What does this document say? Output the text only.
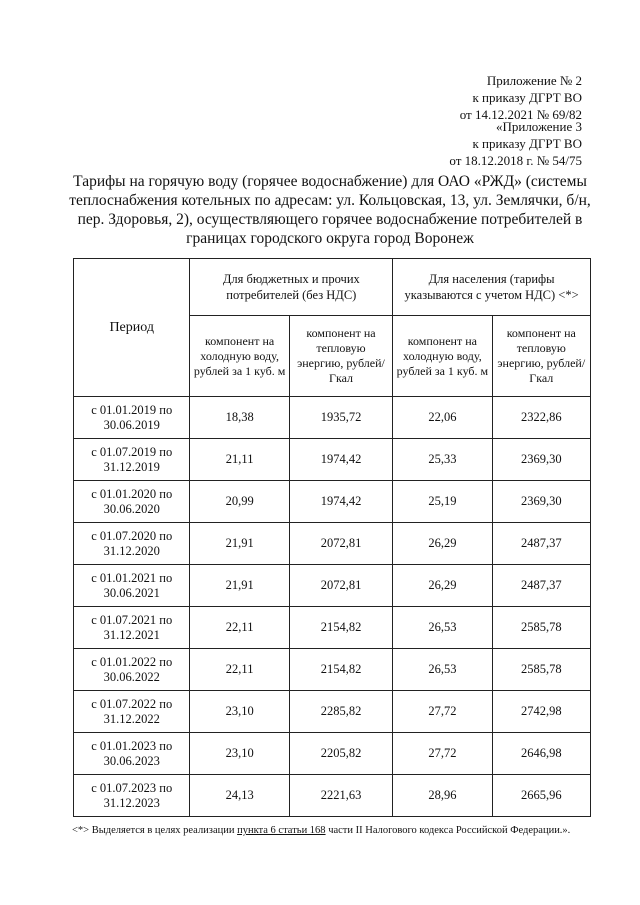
Приложение № 2
к приказу ДГРТ ВО
от 14.12.2021 № 69/82
«Приложение 3
к приказу ДГРТ ВО
от 18.12.2018 г. № 54/75
Тарифы на горячую воду (горячее водоснабжение) для ОАО «РЖД» (системы теплоснабжения котельных по адресам: ул. Кольцовская, 13, ул. Землячки, б/н, пер. Здоровья, 2), осуществляющего горячее водоснабжение потребителей в границах городского округа город Воронеж
Период	Для бюджетных и прочих потребителей (без НДС)		Для населения (тарифы указываются с учетом НДС) <*>	
	компонент на холодную воду, рублей за 1 куб. м	компонент на тепловую энергию, рублей/Гкал	компонент на холодную воду, рублей за 1 куб. м	компонент на тепловую энергию, рублей/Гкал
с 01.01.2019 по 30.06.2019	18,38	1935,72	22,06	2322,86
с 01.07.2019 по 31.12.2019	21,11	1974,42	25,33	2369,30
с 01.01.2020 по 30.06.2020	20,99	1974,42	25,19	2369,30
с 01.07.2020 по 31.12.2020	21,91	2072,81	26,29	2487,37
с 01.01.2021 по 30.06.2021	21,91	2072,81	26,29	2487,37
с 01.07.2021 по 31.12.2021	22,11	2154,82	26,53	2585,78
с 01.01.2022 по 30.06.2022	22,11	2154,82	26,53	2585,78
с 01.07.2022 по 31.12.2022	23,10	2285,82	27,72	2742,98
с 01.01.2023 по 30.06.2023	23,10	2205,82	27,72	2646,98
с 01.07.2023 по 31.12.2023	24,13	2221,63	28,96	2665,96
<*> Выделяется в целях реализации пункта 6 статьи 168 части II Налогового кодекса Российской Федерации.».
